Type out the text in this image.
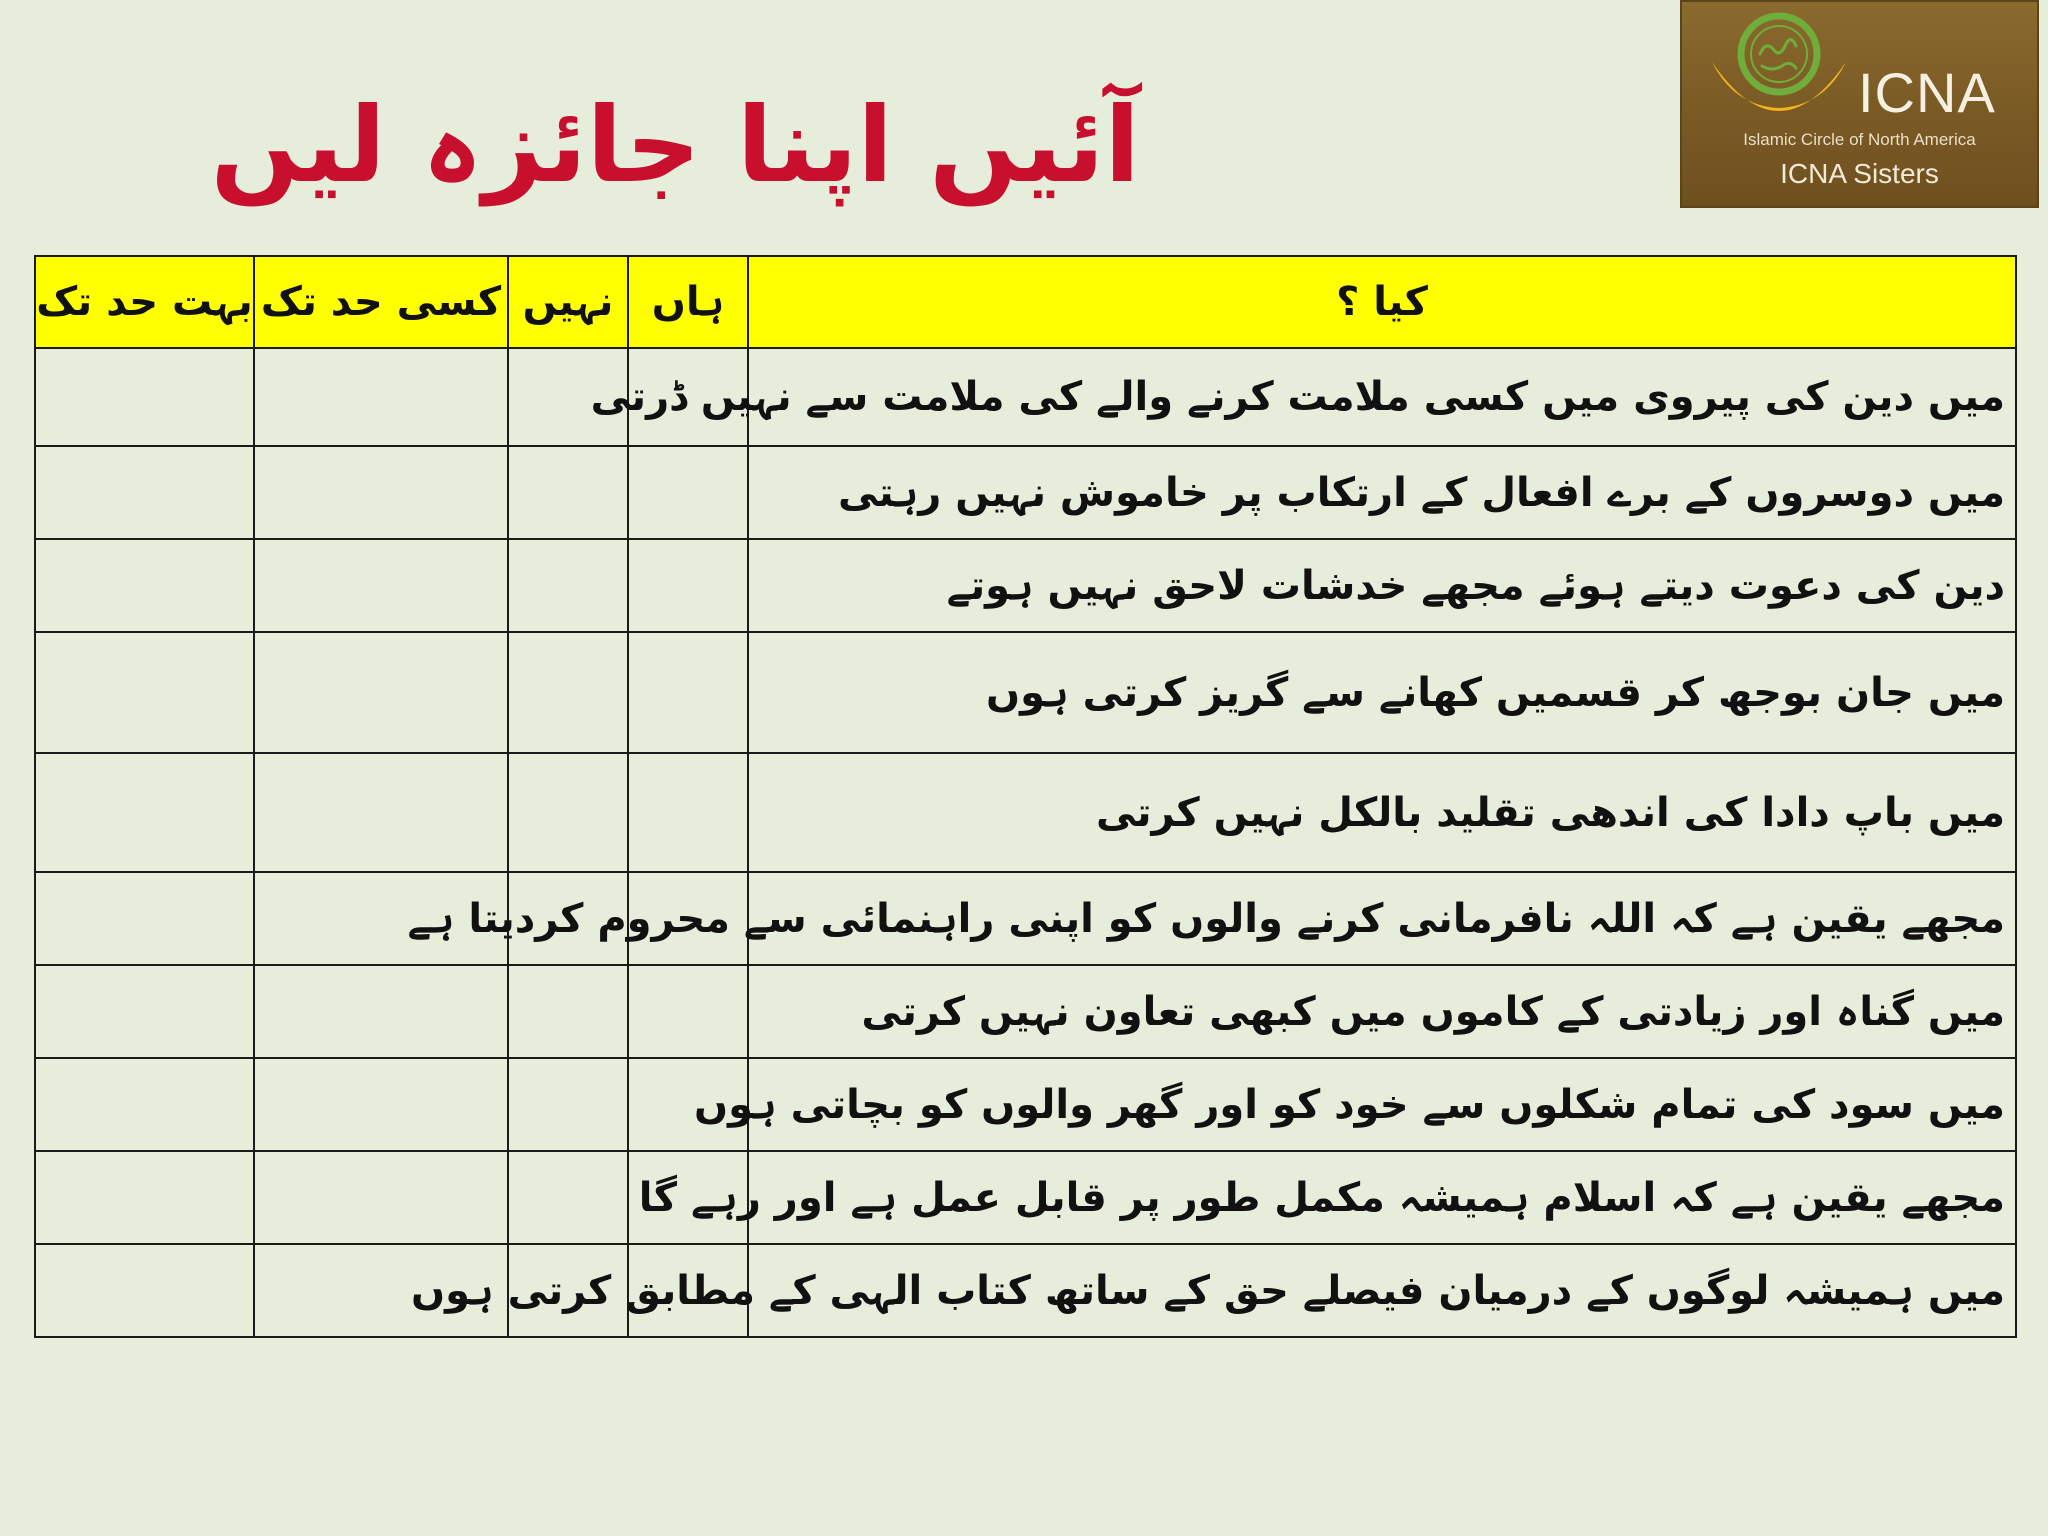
آئیں اپنا جائزہ لیں	ICNA
Islamic Circle of North America
ICNA Sisters
کیا ؟	ہاں	نہیں	کسی حد تک	بہت حد تک
میں دین کی پیروی میں کسی ملامت کرنے والے کی ملامت سے نہیں ڈرتی				
میں دوسروں کے برے افعال کے ارتکاب پر خاموش نہیں رہتی				
دین کی دعوت دیتے ہوئے مجھے خدشات لاحق نہیں ہوتے				
میں جان بوجھ کر قسمیں کھانے سے گریز کرتی ہوں				
میں باپ دادا کی اندھی تقلید بالکل نہیں کرتی				
مجھے یقین ہے کہ اللہ نافرمانی کرنے والوں کو اپنی راہنمائی سے محروم کردیتا ہے				
میں گناہ اور زیادتی کے کاموں میں کبھی تعاون نہیں کرتی				
میں سود کی تمام شکلوں سے خود کو اور گھر والوں کو بچاتی ہوں				
مجھے یقین ہے کہ اسلام ہمیشہ مکمل طور پر قابل عمل ہے اور رہے گا				
میں ہمیشہ لوگوں کے درمیان فیصلے حق کے ساتھ کتاب الہی کے مطابق کرتی ہوں				
